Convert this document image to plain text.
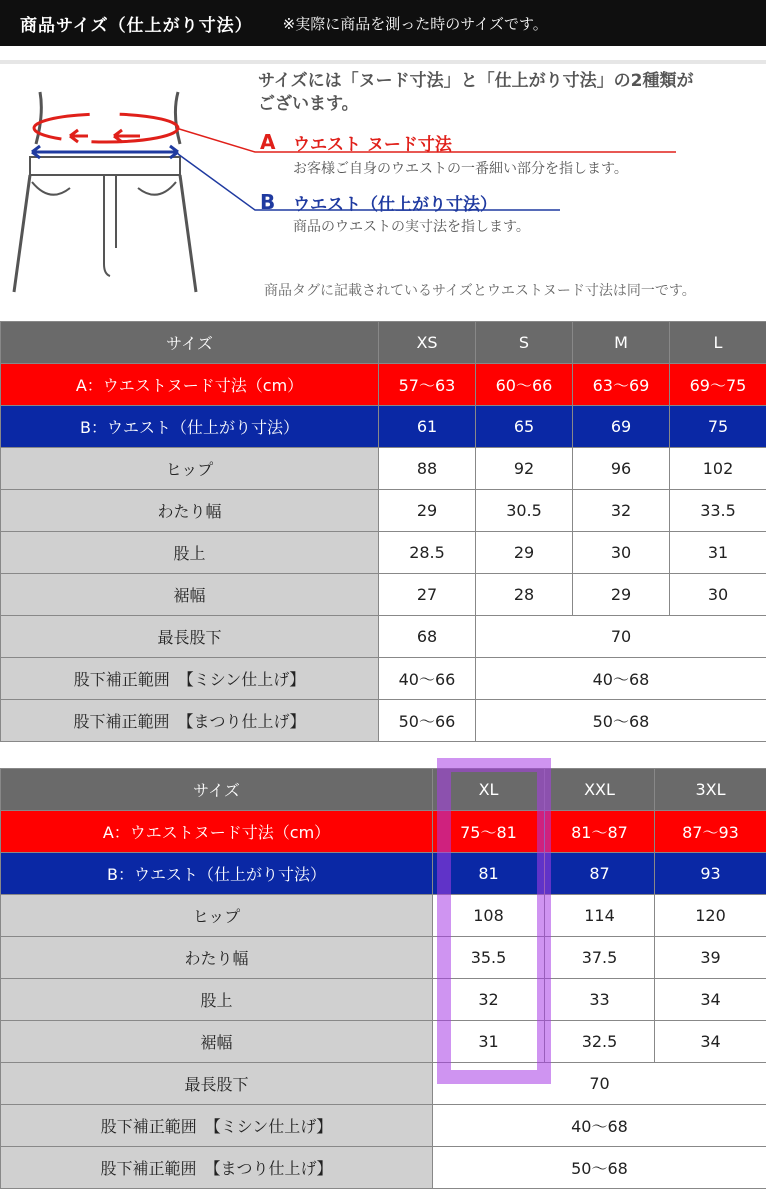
商品サイズ（仕上がり寸法） ※実際に商品を測った時のサイズです。
サイズには「ヌード寸法」と「仕上がり寸法」の2種類が
ございます。
A ウエスト ヌード寸法
お客様ご自身のウエストの一番細い部分を指します。
B ウエスト（仕上がり寸法）
商品のウエストの実寸法を指します。
商品タグに記載されているサイズとウエストヌード寸法は同一です。
サイズ	XS	S	M	L
A：ウエストヌード寸法（cm）	57〜63	60〜66	63〜69	69〜75
B：ウエスト（仕上がり寸法）	61	65	69	75
ヒップ	88	92	96	102
わたり幅	29	30.5	32	33.5
股上	28.5	29	30	31
裾幅	27	28	29	30
最長股下	68	70		
股下補正範囲　【ミシン仕上げ】	40〜66	40〜68		
股下補正範囲　【まつり仕上げ】	50〜66	50〜68		
サイズ	XL	XXL	3XL
A：ウエストヌード寸法（cm）	75〜81	81〜87	87〜93
B：ウエスト（仕上がり寸法）	81	87	93
ヒップ	108	114	120
わたり幅	35.5	37.5	39
股上	32	33	34
裾幅	31	32.5	34
最長股下	70		
股下補正範囲　【ミシン仕上げ】	40〜68		
股下補正範囲　【まつり仕上げ】	50〜68		
